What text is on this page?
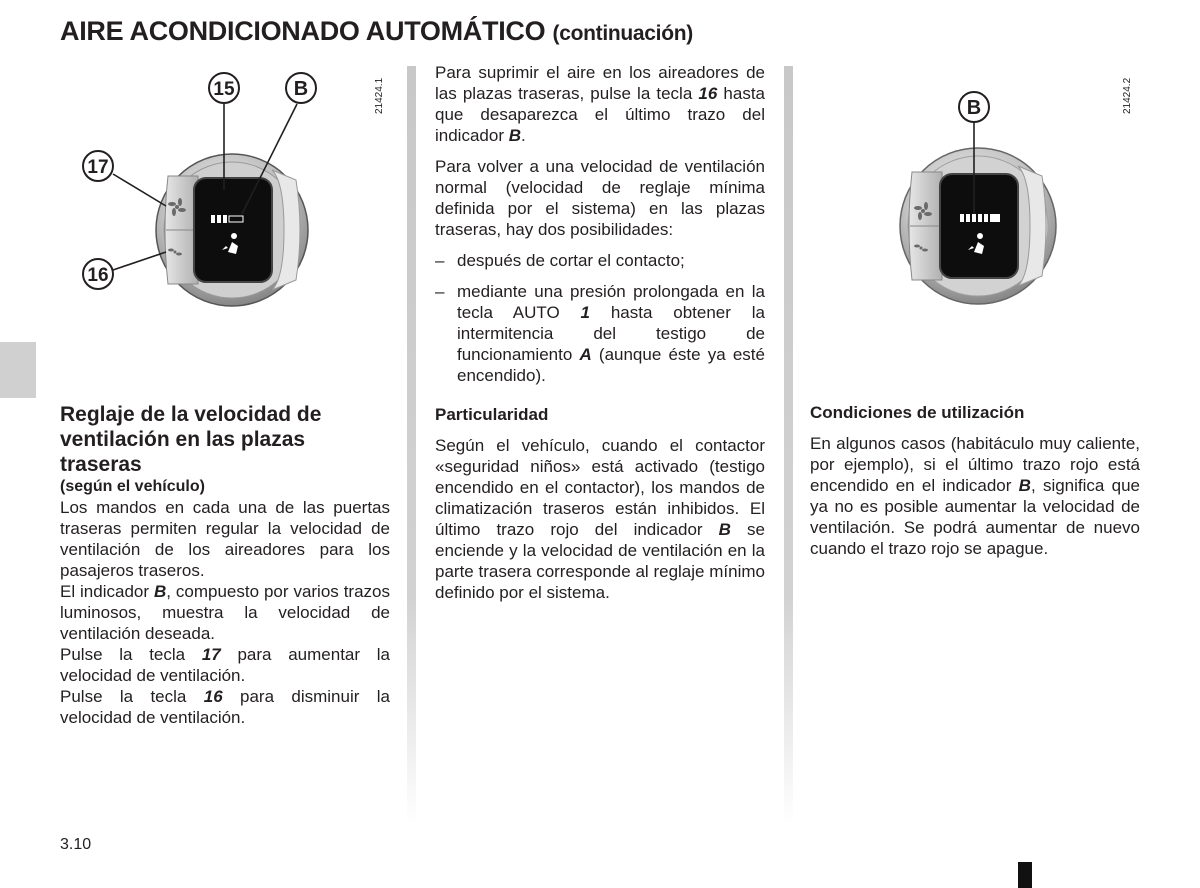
AIRE ACONDICIONADO AUTOMÁTICO (continuación)
15	B
17
16
21424.1	B	21424.2
Reglaje de la velocidad de ventilación en las plazas traseras

(según el vehículo)

Los mandos en cada una de las puertas traseras permiten regular la velocidad de ventilación de los aireadores para los pasajeros traseros.

El indicador B, compuesto por varios trazos luminosos, muestra la velocidad de ventilación deseada.

Pulse la tecla 17 para aumentar la velocidad de ventilación.

Pulse la tecla 16 para disminuir la velocidad de ventilación.

Para suprimir el aire en los aireadores de las plazas traseras, pulse la tecla 16 hasta que desaparezca el último trazo del indicador B.

Para volver a una velocidad de ventilación normal (velocidad de reglaje mínima definida por el sistema) en las plazas traseras, hay dos posibilidades:

– después de cortar el contacto;
– mediante una presión prolongada en la tecla AUTO 1 hasta obtener la intermitencia del testigo de funcionamiento A (aunque éste ya esté encendido).
Particularidad

Según el vehículo, cuando el contactor «seguridad niños» está activado (testigo encendido en el contactor), los mandos de climatización traseros están inhibidos. El último trazo rojo del indicador B se enciende y la velocidad de ventilación en la parte trasera corresponde al reglaje mínimo definido por el sistema.

Condiciones de utilización

En algunos casos (habitáculo muy caliente, por ejemplo), si el último trazo rojo está encendido en el indicador B, significa que ya no es posible aumentar la velocidad de ventilación. Se podrá aumentar de nuevo cuando el trazo rojo se apague.

3.10
